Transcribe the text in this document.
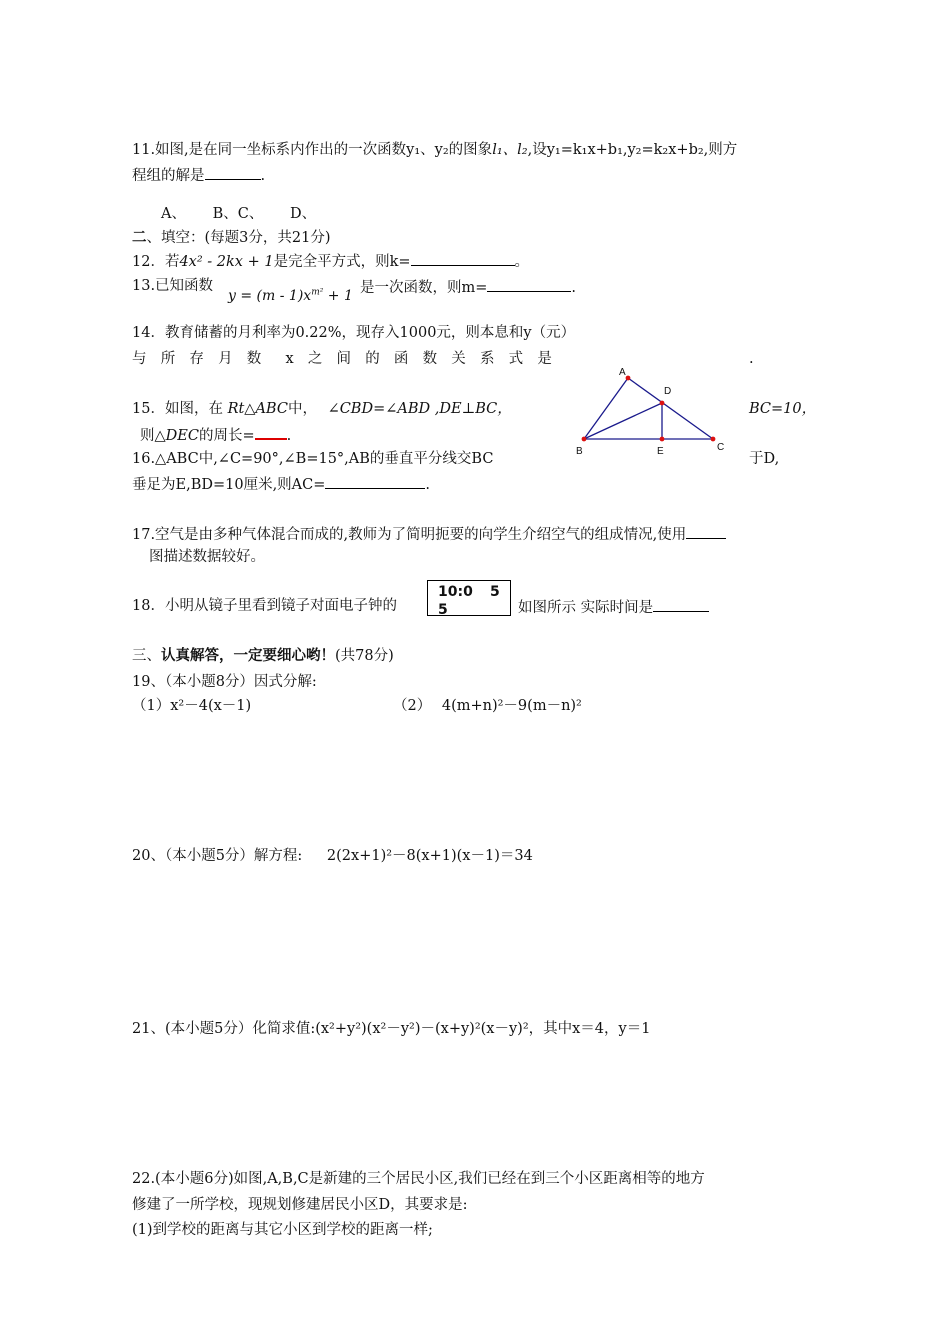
11.如图,是在同一坐标系内作出的一次函数y₁、y₂的图象l₁、l₂,设y₁=k₁x+b₁,y₂=k₂x+b₂,则方
程组的解是	.
A、 B、C、 D、
二、填空：(每题3分，共21分)
12．若4x² - 2kx + 1是完全平方式，则k=	。
13.已知函数
$y = (m - 1)x^{m^2} + 1$ 是一次函数，则m=	.
14．教育储蓄的月利率为0.22%，现存入1000元，则本息和y（元）
与 所 存 月 数 x 之 间 的 函 数 关 系 式 是	.
A
D
B	E	C
15．如图，在 Rt△ABC中， ∠CBD=∠ABD ,DE⊥BC，	BC=10，
则△DEC的周长= .
16.△ABC中,∠C=90°,∠B=15°,AB的垂直平分线交BC	于D,
垂足为E,BD=10厘米,则AC=	.
17.空气是由多种气体混合而成的,教师为了简明扼要的向学生介绍空气的组成情况,使用
图描述数据较好。
18．小明从镜子里看到镜子对面电子钟的
10:0 5
5	如图所示 实际时间是
三、认真解答，一定要细心哟！(共78分)
19、（本小题8分）因式分解:
（1）x²－4(x－1)	（2） 4(m+n)²－9(m－n)²
20、（本小题5分）解方程: 2(2x+1)²－8(x+1)(x－1)＝34
21、(本小题5分）化简求值:(x²+y²)(x²－y²)－(x+y)²(x－y)²，其中x＝4，y＝1
22.(本小题6分)如图,A,B,C是新建的三个居民小区,我们已经在到三个小区距离相等的地方
修建了一所学校，现规划修建居民小区D，其要求是:
(1)到学校的距离与其它小区到学校的距离一样;
